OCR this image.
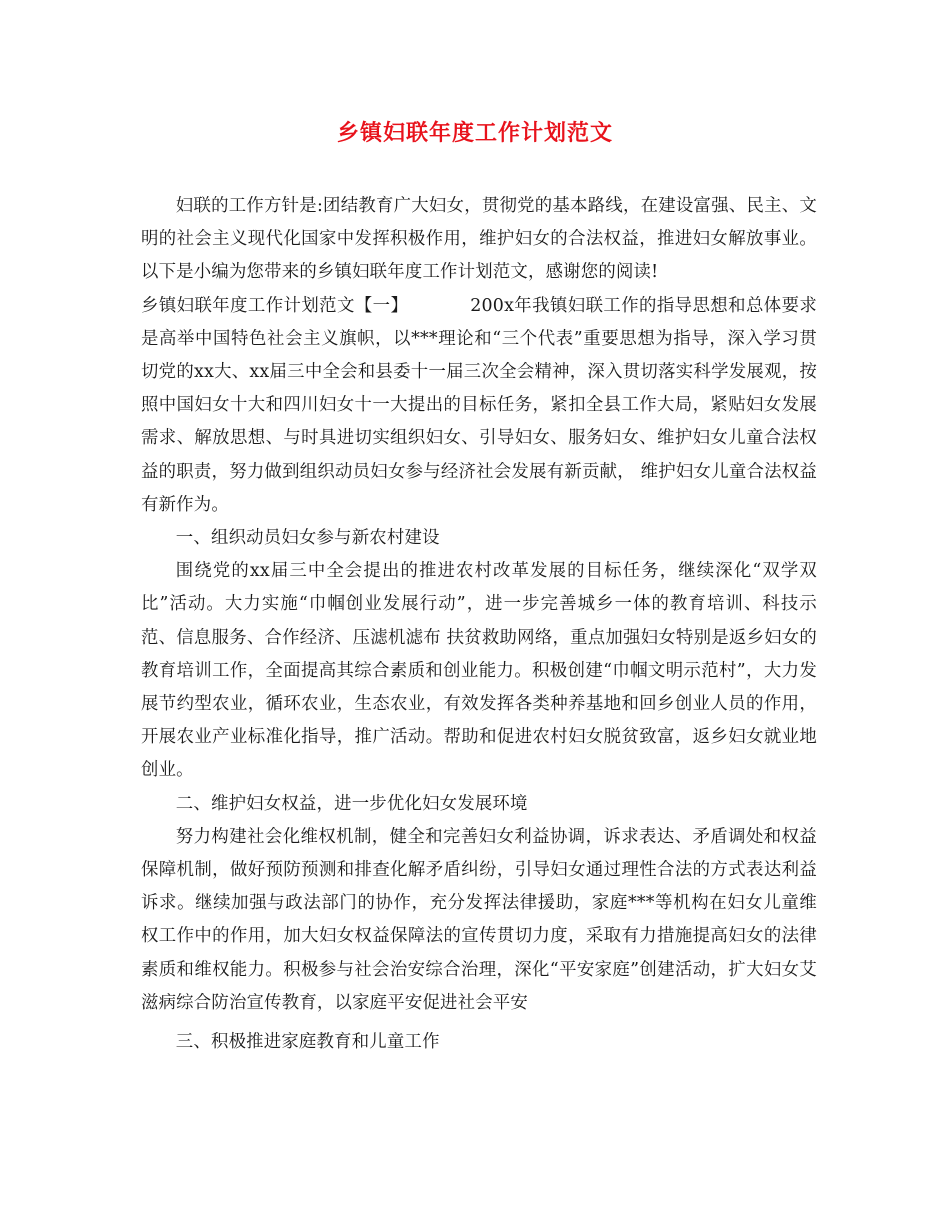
乡镇妇联年度工作计划范文

妇联的工作方针是:团结教育广大妇女，贯彻党的基本路线，在建设富强、民主、文明的社会主义现代化国家中发挥积极作用，维护妇女的合法权益，推进妇女解放事业。以下是小编为您带来的乡镇妇联年度工作计划范文，感谢您的阅读!

乡镇妇联年度工作计划范文【一】	200x年我镇妇联工作的指导思想和总体要求是高举中国特色社会主义旗帜，以***理论和“三个代表”重要思想为指导，深入学习贯切党的xx大、xx届三中全会和县委十一届三次全会精神，深入贯切落实科学发展观，按照中国妇女十大和四川妇女十一大提出的目标任务，紧扣全县工作大局，紧贴妇女发展需求、解放思想、与时具进切实组织妇女、引导妇女、服务妇女、维护妇女儿童合法权益的职责，努力做到组织动员妇女参与经济社会发展有新贡献， 维护妇女儿童合法权益有新作为。

一、组织动员妇女参与新农村建设

围绕党的xx届三中全会提出的推进农村改革发展的目标任务，继续深化“双学双比”活动。大力实施“巾帼创业发展行动”，进一步完善城乡一体的教育培训、科技示范、信息服务、合作经济、压滤机滤布 扶贫救助网络，重点加强妇女特别是返乡妇女的教育培训工作，全面提高其综合素质和创业能力。积极创建“巾帼文明示范村”，大力发展节约型农业，循环农业，生态农业，有效发挥各类种养基地和回乡创业人员的作用，开展农业产业标准化指导，推广活动。帮助和促进农村妇女脱贫致富，返乡妇女就业地创业。

二、维护妇女权益，进一步优化妇女发展环境

努力构建社会化维权机制，健全和完善妇女利益协调，诉求表达、矛盾调处和权益保障机制，做好预防预测和排查化解矛盾纠纷，引导妇女通过理性合法的方式表达利益诉求。继续加强与政法部门的协作，充分发挥法律援助，家庭***等机构在妇女儿童维权工作中的作用，加大妇女权益保障法的宣传贯切力度，采取有力措施提高妇女的法律素质和维权能力。积极参与社会治安综合治理，深化“平安家庭”创建活动，扩大妇女艾滋病综合防治宣传教育，以家庭平安促进社会平安

三、积极推进家庭教育和儿童工作
